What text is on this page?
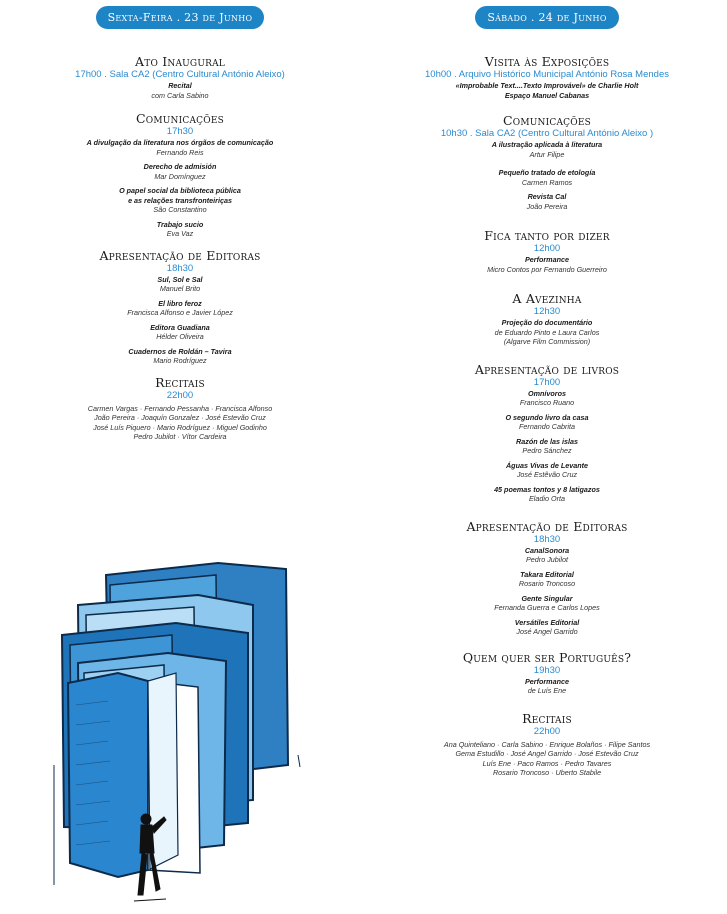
Sexta-Feira . 23 de Junho
Ato Inaugural
17h00 . Sala CA2 (Centro Cultural António Aleixo)
Recital
com Carla Sabino
Comunicações
17h30
A divulgação da literatura nos órgãos de comunicação
Fernando Reis
Derecho de admisión
Mar Domínguez
O papel social da biblioteca pública
e as relações transfronteiriças
São Constantino
Trabajo sucio
Eva Vaz
Apresentação de Editoras
18h30
Sul, Sol e Sal
Manuel Brito
El libro feroz
Francisca Alfonso e Javier López
Editora Guadiana
Hélder Oliveira
Cuadernos de Roldán – Tavira
Mario Rodríguez
Recitais
22h00
Carmen Vargas · Fernando Pessanha · Francisca Alfonso
João Pereira · Joaquín Gonzalez · José Estevão Cruz
José Luís Piquero · Mario Rodríguez · Miguel Godinho
Pedro Jubilot · Vítor Cardeira
Sábado . 24 de Junho
Visita às Exposições
10h00 . Arquivo Histórico Municipal António Rosa Mendes
«Improbable Text....Texto Improvável» de Charlie Holt
Espaço Manuel Cabanas
Comunicações
10h30 . Sala CA2 (Centro Cultural António Aleixo )
A ilustração aplicada à literatura
Artur Filipe
Pequeño tratado de etología
Carmen Ramos
Revista Cal
João Pereira
Fica tanto por dizer
12h00
Performance
Micro Contos por Fernando Guerreiro
A Avezinha
12h30
Projeção do documentário
de Eduardo Pinto e Laura Carlos
(Algarve Film Commission)
Apresentação de livros
17h00
Omnívoros
Francisco Ruano
O segundo livro da casa
Fernando Cabrita
Razón de las islas
Pedro Sánchez
Águas Vivas de Levante
José Estêvão Cruz
45 poemas tontos y 8 latigazos
Eladio Orta
Apresentação de Editoras
18h30
CanalSonora
Pedro Jubilot
Takara Editorial
Rosario Troncoso
Gente Singular
Fernanda Guerra e Carlos Lopes
Versátiles Editorial
José Angel Garrido
Quem quer ser Português?
19h30
Performance
de Luís Ene
Recitais
22h00
Ana Quinteliano · Carla Sabino · Enrique Bolaños · Filipe Santos
Gema Estudillo · José Angel Garrido · José Estevão Cruz
Luís Ene · Paco Ramos · Pedro Tavares
Rosario Troncoso · Uberto Stabile
